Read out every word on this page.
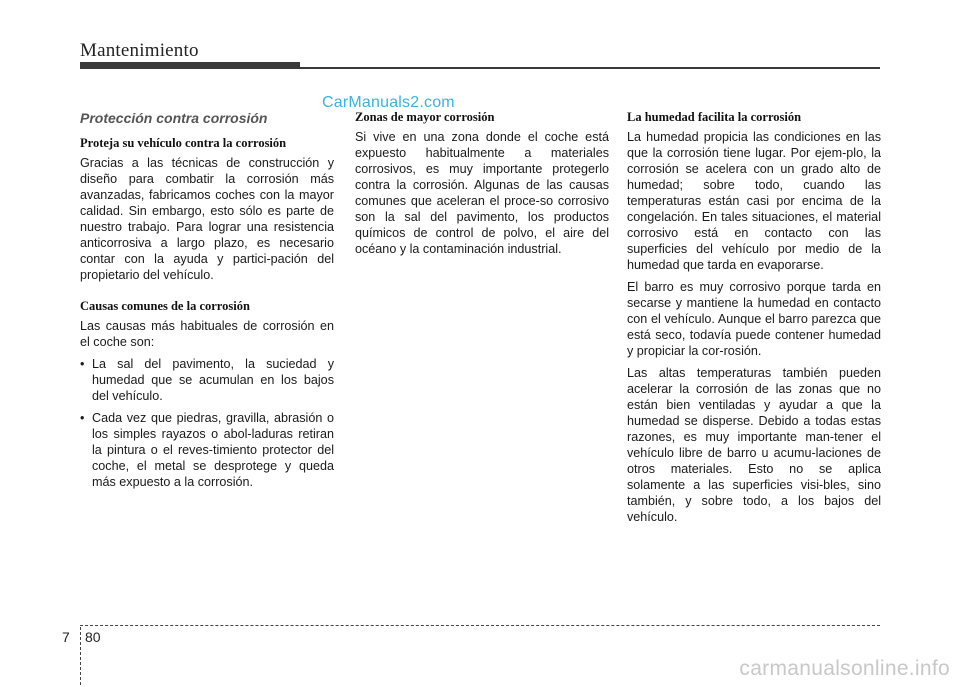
Mantenimiento
CarManuals2.com
Protección contra corrosión
Proteja su vehículo contra la corrosión

Gracias a las técnicas de construcción y diseño para combatir la corrosión más avanzadas, fabricamos coches con la mayor calidad. Sin embargo, esto sólo es parte de nuestro trabajo. Para lograr una resistencia anticorrosiva a largo plazo, es necesario contar con la ayuda y partici-pación del propietario del vehículo.

Causas comunes de la corrosión

Las causas más habituales de corrosión en el coche son:

• La sal del pavimento, la suciedad y humedad que se acumulan en los bajos del vehículo.
• Cada vez que piedras, gravilla, abrasión o los simples rayazos o abol-laduras retiran la pintura o el reves-timiento protector del coche, el metal se desprotege y queda más expuesto a la corrosión.
Zonas de mayor corrosión

Si vive en una zona donde el coche está expuesto habitualmente a materiales corrosivos, es muy importante protegerlo contra la corrosión. Algunas de las causas comunes que aceleran el proce-so corrosivo son la sal del pavimento, los productos químicos de control de polvo, el aire del océano y la contaminación industrial.

La humedad facilita la corrosión

La humedad propicia las condiciones en las que la corrosión tiene lugar. Por ejem-plo, la corrosión se acelera con un grado alto de humedad; sobre todo, cuando las temperaturas están casi por encima de la congelación. En tales situaciones, el material corrosivo está en contacto con las superficies del vehículo por medio de la humedad que tarda en evaporarse.

El barro es muy corrosivo porque tarda en secarse y mantiene la humedad en contacto con el vehículo. Aunque el barro parezca que está seco, todavía puede contener humedad y propiciar la cor-rosión.

Las altas temperaturas también pueden acelerar la corrosión de las zonas que no están bien ventiladas y ayudar a que la humedad se disperse. Debido a todas estas razones, es muy importante man-tener el vehículo libre de barro u acumu-laciones de otros materiales. Esto no se aplica solamente a las superficies visi-bles, sino también, y sobre todo, a los bajos del vehículo.

7 80
carmanualsonline.info
